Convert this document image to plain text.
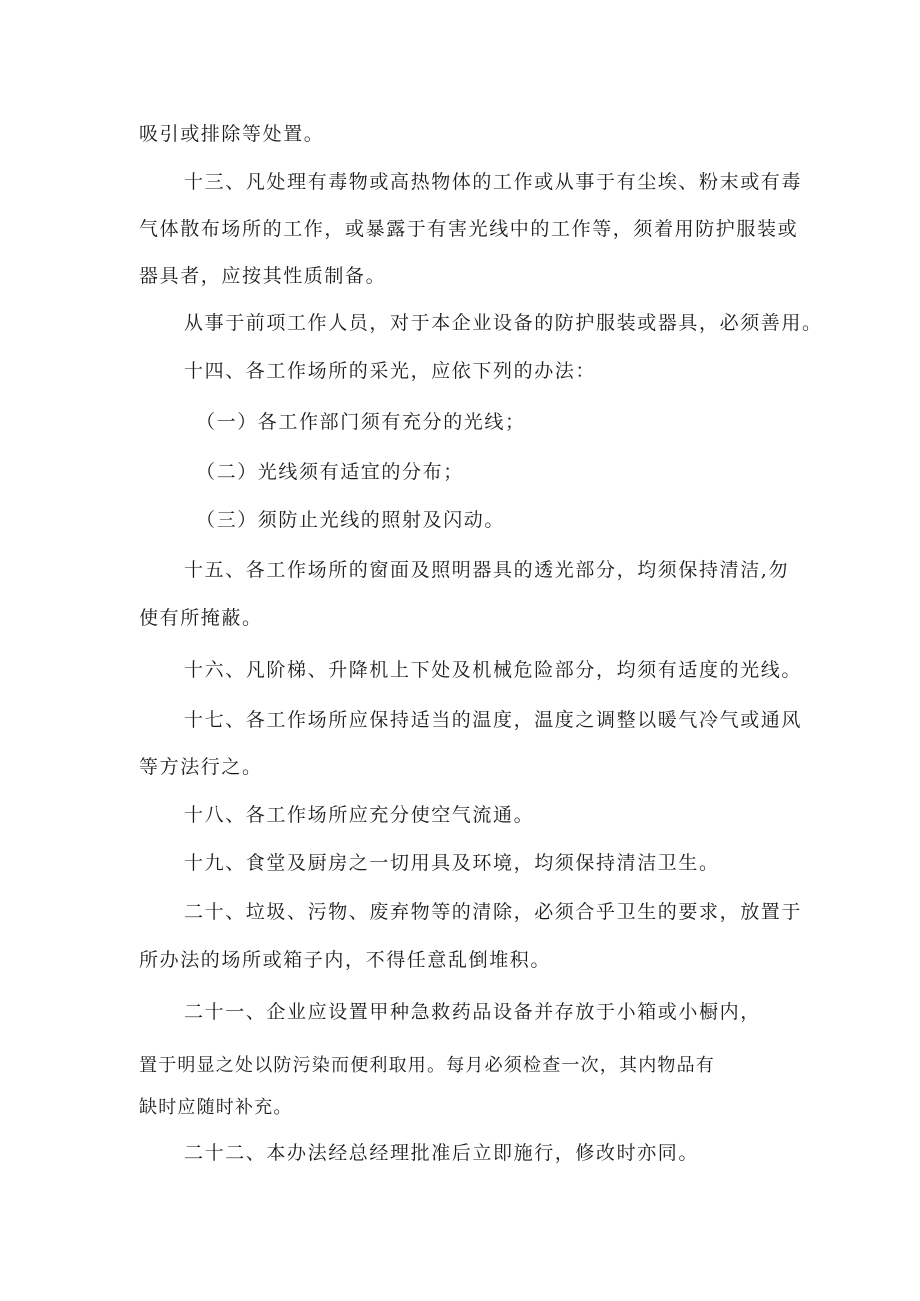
吸引或排除等处置。
十三、凡处理有毒物或高热物体的工作或从事于有尘埃、粉末或有毒
气体散布场所的工作，或暴露于有害光线中的工作等，须着用防护服装或
器具者，应按其性质制备。
从事于前项工作人员，对于本企业设备的防护服装或器具，必须善用。
十四、各工作场所的采光，应依下列的办法：
（一）各工作部门须有充分的光线；
（二）光线须有适宜的分布；
（三）须防止光线的照射及闪动。
十五、各工作场所的窗面及照明器具的透光部分，均须保持清洁,勿
使有所掩蔽。
十六、凡阶梯、升降机上下处及机械危险部分，均须有适度的光线。
十七、各工作场所应保持适当的温度，温度之调整以暖气冷气或通风
等方法行之。
十八、各工作场所应充分使空气流通。
十九、食堂及厨房之一切用具及环境，均须保持清洁卫生。
二十、垃圾、污物、废弃物等的清除，必须合乎卫生的要求，放置于
所办法的场所或箱子内，不得任意乱倒堆积。
二十一、企业应设置甲种急救药品设备并存放于小箱或小橱内，
置于明显之处以防污染而便利取用。每月必须检查一次，其内物品有
缺时应随时补充。
二十二、本办法经总经理批准后立即施行，修改时亦同。
